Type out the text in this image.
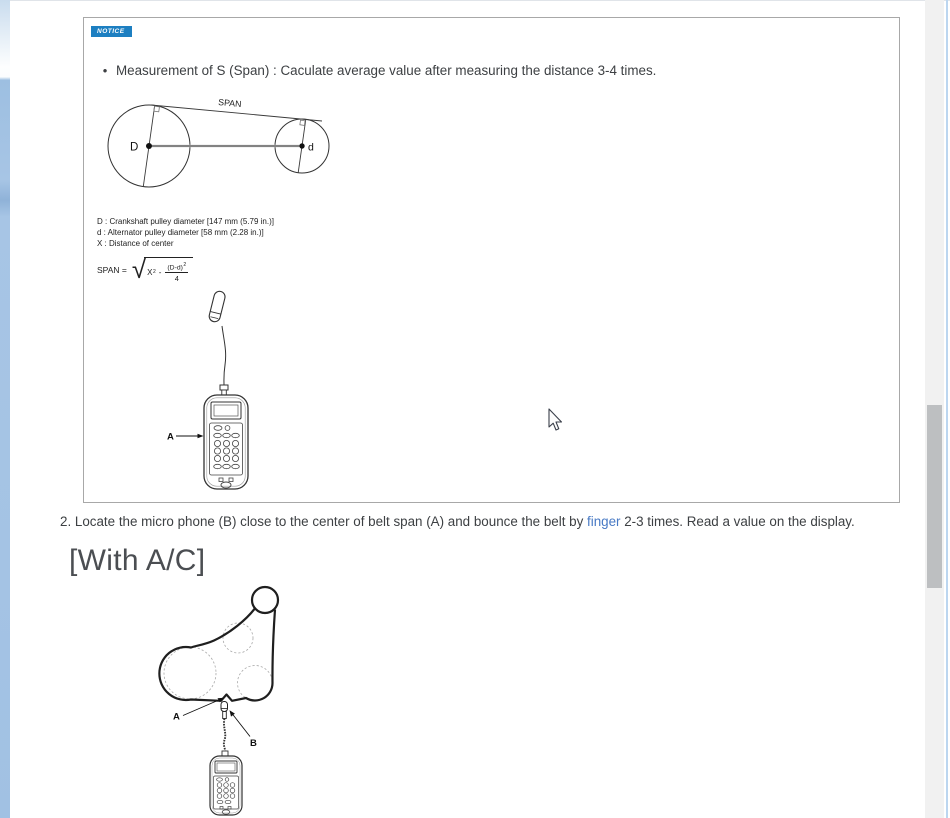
NOTICE
• Measurement of S (Span) : Caculate average value after measuring the distance 3-4 times.
D	d
SPAN
D : Crankshaft pulley diameter [147 mm (5.79 in.)]
d : Alternator pulley diameter [58 mm (2.28 in.)]
X : Distance of center
SPAN = √ X $2 - \frac{(D-d)^2}{4}$
A
2. Locate the micro phone (B) close to the center of belt span (A) and bounce the belt by finger 2-3 times. Read a value on the display.
[With A/C]
A
B
